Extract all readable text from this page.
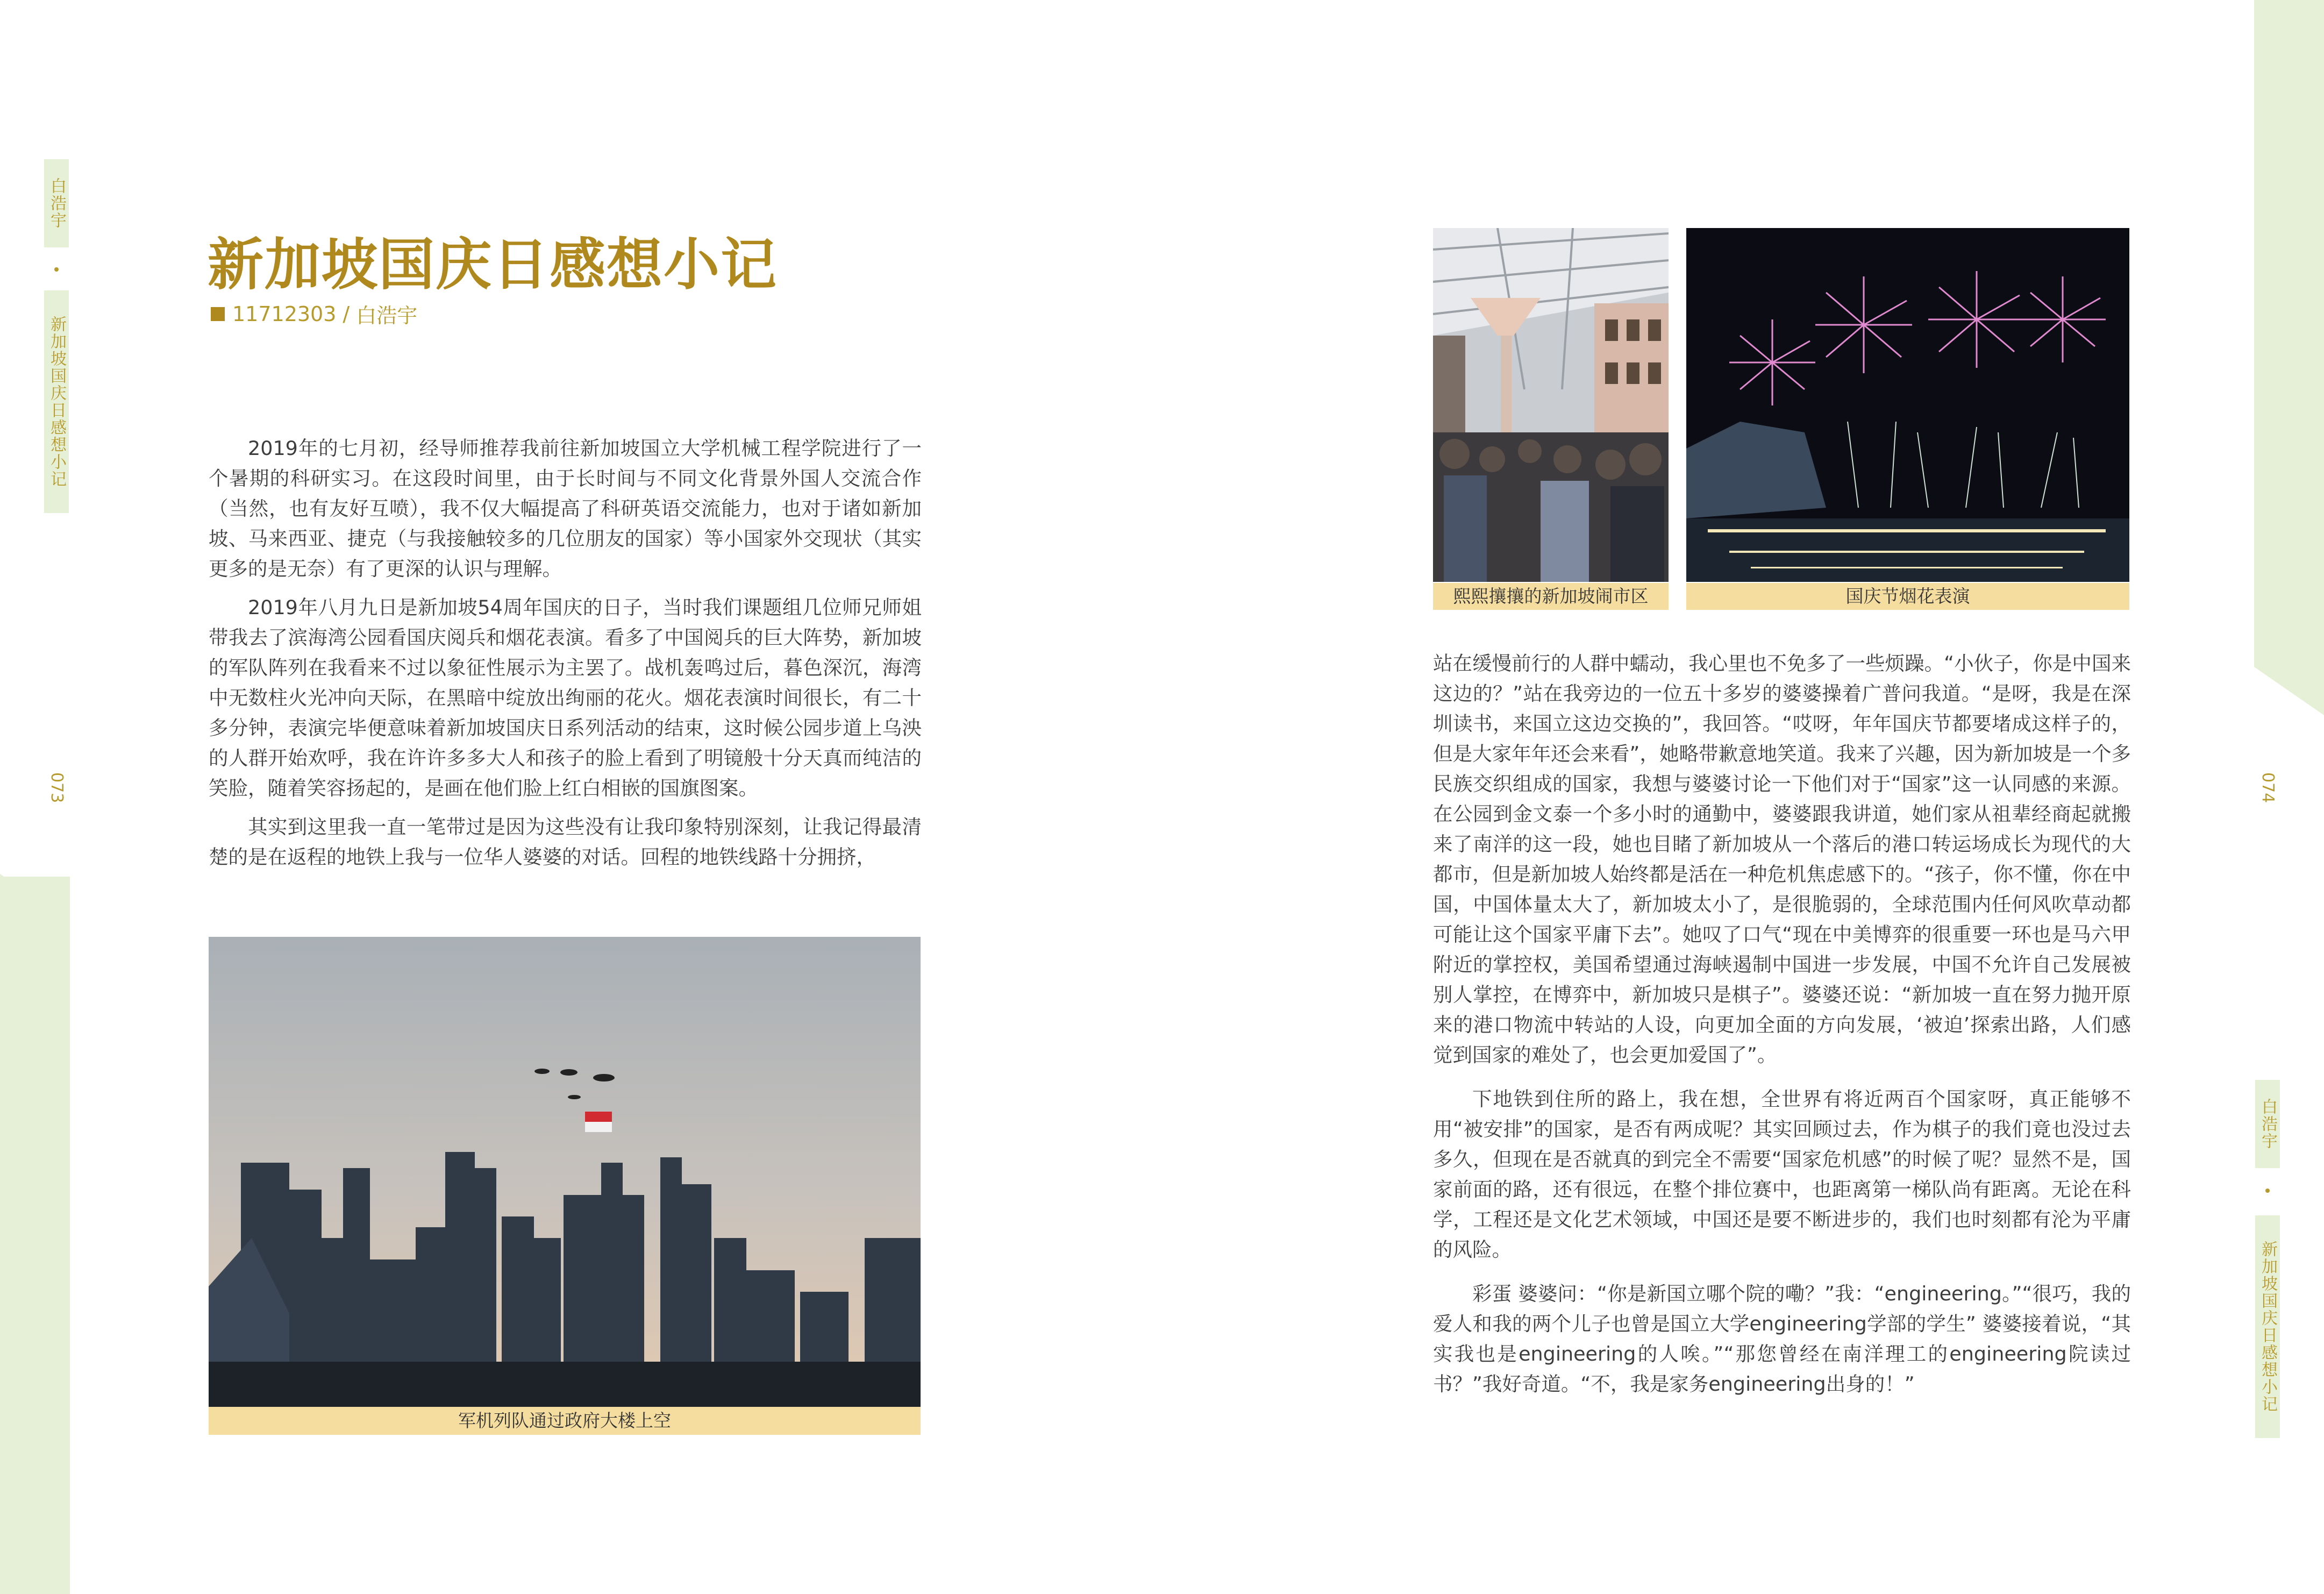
白浩宇
新加坡国庆日感想小记
073
白浩宇
新加坡国庆日感想小记
074
新加坡国庆日感想小记
11712303 / 白浩宇

2019年的七月初，经导师推荐我前往新加坡国立大学机械工程学院进行了一个暑期的科研实习。在这段时间里，由于长时间与不同文化背景外国人交流合作（当然，也有友好互喷），我不仅大幅提高了科研英语交流能力，也对于诸如新加坡、马来西亚、捷克（与我接触较多的几位朋友的国家）等小国家外交现状（其实更多的是无奈）有了更深的认识与理解。

2019年八月九日是新加坡54周年国庆的日子，当时我们课题组几位师兄师姐带我去了滨海湾公园看国庆阅兵和烟花表演。看多了中国阅兵的巨大阵势，新加坡的军队阵列在我看来不过以象征性展示为主罢了。战机轰鸣过后，暮色深沉，海湾中无数柱火光冲向天际，在黑暗中绽放出绚丽的花火。烟花表演时间很长，有二十多分钟，表演完毕便意味着新加坡国庆日系列活动的结束，这时候公园步道上乌泱的人群开始欢呼，我在许许多多大人和孩子的脸上看到了明镜般十分天真而纯洁的笑脸，随着笑容扬起的，是画在他们脸上红白相嵌的国旗图案。

其实到这里我一直一笔带过是因为这些没有让我印象特别深刻，让我记得最清楚的是在返程的地铁上我与一位华人婆婆的对话。回程的地铁线路十分拥挤，

军机列队通过政府大楼上空
熙熙攘攘的新加坡闹市区	国庆节烟花表演

站在缓慢前行的人群中蠕动，我心里也不免多了一些烦躁。“小伙子，你是中国来这边的？”站在我旁边的一位五十多岁的婆婆操着广普问我道。“是呀，我是在深圳读书，来国立这边交换的”，我回答。“哎呀，年年国庆节都要堵成这样子的，但是大家年年还会来看”，她略带歉意地笑道。我来了兴趣，因为新加坡是一个多民族交织组成的国家，我想与婆婆讨论一下他们对于“国家”这一认同感的来源。在公园到金文泰一个多小时的通勤中，婆婆跟我讲道，她们家从祖辈经商起就搬来了南洋的这一段，她也目睹了新加坡从一个落后的港口转运场成长为现代的大都市，但是新加坡人始终都是活在一种危机焦虑感下的。“孩子，你不懂，你在中国，中国体量太大了，新加坡太小了，是很脆弱的，全球范围内任何风吹草动都可能让这个国家平庸下去”。她叹了口气“现在中美博弈的很重要一环也是马六甲附近的掌控权，美国希望通过海峡遏制中国进一步发展，中国不允许自己发展被别人掌控，在博弈中，新加坡只是棋子”。婆婆还说：“新加坡一直在努力抛开原来的港口物流中转站的人设，向更加全面的方向发展，‘被迫’探索出路，人们感觉到国家的难处了，也会更加爱国了”。

下地铁到住所的路上，我在想，全世界有将近两百个国家呀，真正能够不用“被安排”的国家，是否有两成呢？其实回顾过去，作为棋子的我们竟也没过去多久，但现在是否就真的到完全不需要“国家危机感”的时候了呢？显然不是，国家前面的路，还有很远，在整个排位赛中，也距离第一梯队尚有距离。无论在科学，工程还是文化艺术领域，中国还是要不断进步的，我们也时刻都有沦为平庸的风险。

彩蛋 婆婆问：“你是新国立哪个院的嘞？”我：“engineering。”“很巧，我的爱人和我的两个儿子也曾是国立大学engineering学部的学生” 婆婆接着说，“其实我也是engineering的人唉。”“那您曾经在南洋理工的engineering院读过书？”我好奇道。“不，我是家务engineering出身的！”
